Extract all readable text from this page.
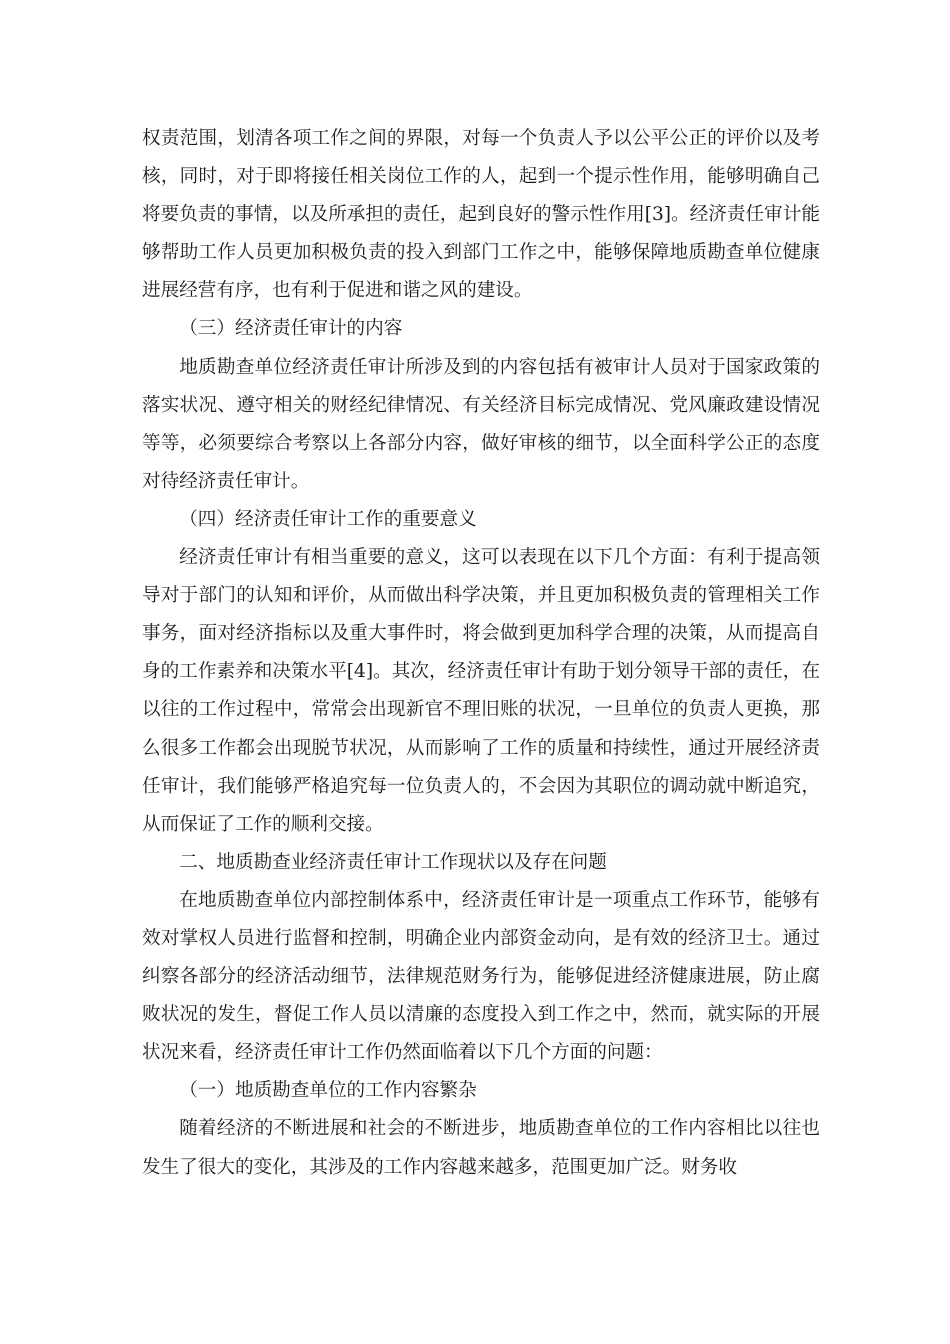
权责范围，划清各项工作之间的界限，对每一个负责人予以公平公正的评价以及考核，同时，对于即将接任相关岗位工作的人，起到一个提示性作用，能够明确自己将要负责的事情，以及所承担的责任，起到良好的警示性作用[3]。经济责任审计能够帮助工作人员更加积极负责的投入到部门工作之中，能够保障地质勘查单位健康进展经营有序，也有利于促进和谐之风的建设。

（三）经济责任审计的内容

地质勘查单位经济责任审计所涉及到的内容包括有被审计人员对于国家政策的落实状况、遵守相关的财经纪律情况、有关经济目标完成情况、党风廉政建设情况等等，必须要综合考察以上各部分内容，做好审核的细节，以全面科学公正的态度对待经济责任审计。

（四）经济责任审计工作的重要意义

经济责任审计有相当重要的意义，这可以表现在以下几个方面：有利于提高领导对于部门的认知和评价，从而做出科学决策，并且更加积极负责的管理相关工作事务，面对经济指标以及重大事件时，将会做到更加科学合理的决策，从而提高自身的工作素养和决策水平[4]。其次，经济责任审计有助于划分领导干部的责任，在以往的工作过程中，常常会出现新官不理旧账的状况，一旦单位的负责人更换，那么很多工作都会出现脱节状况，从而影响了工作的质量和持续性，通过开展经济责任审计，我们能够严格追究每一位负责人的，不会因为其职位的调动就中断追究，从而保证了工作的顺利交接。

二、地质勘查业经济责任审计工作现状以及存在问题

在地质勘查单位内部控制体系中，经济责任审计是一项重点工作环节，能够有效对掌权人员进行监督和控制，明确企业内部资金动向，是有效的经济卫士。通过纠察各部分的经济活动细节，法律规范财务行为，能够促进经济健康进展，防止腐败状况的发生，督促工作人员以清廉的态度投入到工作之中，然而，就实际的开展状况来看，经济责任审计工作仍然面临着以下几个方面的问题：

（一）地质勘查单位的工作内容繁杂

随着经济的不断进展和社会的不断进步，地质勘查单位的工作内容相比以往也发生了很大的变化，其涉及的工作内容越来越多，范围更加广泛。财务收
